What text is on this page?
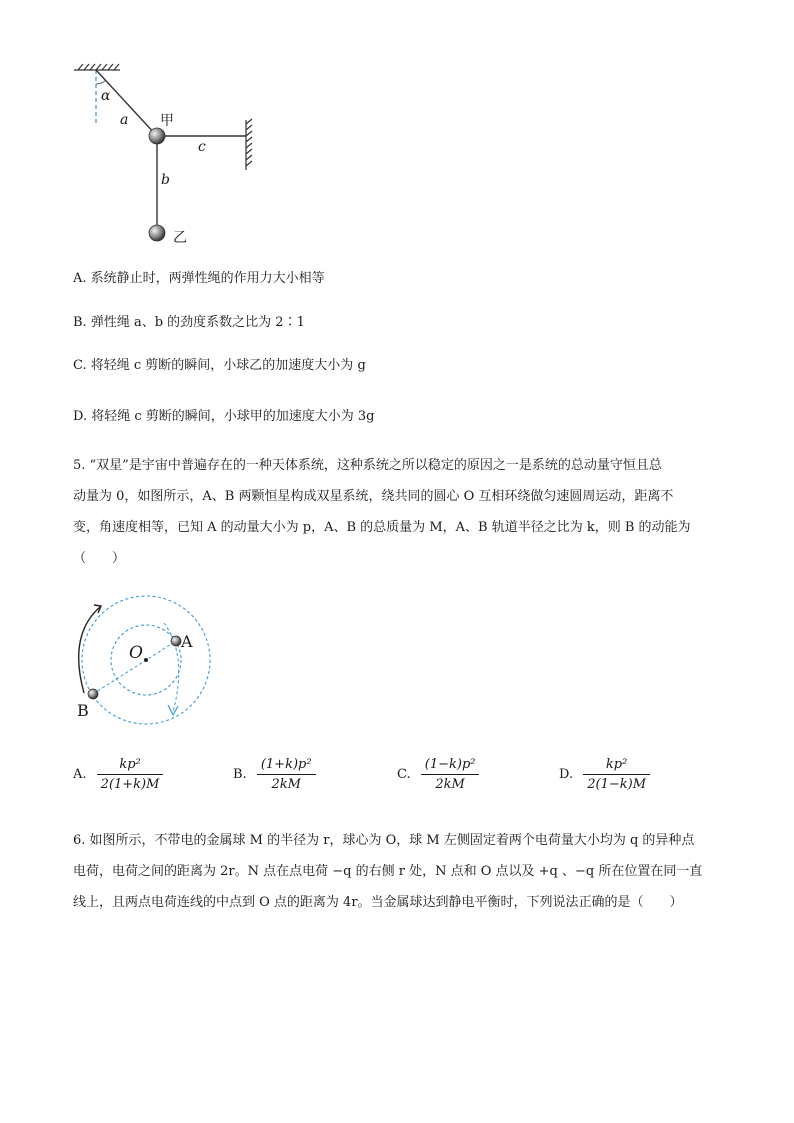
α
a 甲
c
b
乙
A. 系统静止时，两弹性绳的作用力大小相等
B. 弹性绳 a、b 的劲度系数之比为 2∶1
C. 将轻绳 c 剪断的瞬间，小球乙的加速度大小为 g
D. 将轻绳 c 剪断的瞬间，小球甲的加速度大小为 3g

5. “双星”是宇宙中普遍存在的一种天体系统，这种系统之所以稳定的原因之一是系统的总动量守恒且总

动量为 0，如图所示，A、B 两颗恒星构成双星系统，绕共同的圆心 O 互相环绕做匀速圆周运动，距离不

变，角速度相等，已知 A 的动量大小为 p，A、B 的总质量为 M，A、B 轨道半径之比为 k，则 B 的动能为

（　　）

O
A
B
A. $\frac{\text{kp²}}{2(1+k)M}$	B. $\frac{\text{(1+k)p²}}{2kM}$	C. $\frac{\text{(1−k)p²}}{2kM}$	D. $\frac{\text{kp²}}{2(1-k)M}$

6. 如图所示，不带电的金属球 M 的半径为 r，球心为 O，球 M 左侧固定着两个电荷量大小均为 q 的异种点

电荷，电荷之间的距离为 2r。N 点在点电荷 −q 的右侧 r 处，N 点和 O 点以及 +q 、−q 所在位置在同一直

线上，且两点电荷连线的中点到 O 点的距离为 4r。当金属球达到静电平衡时，下列说法正确的是（　　）
